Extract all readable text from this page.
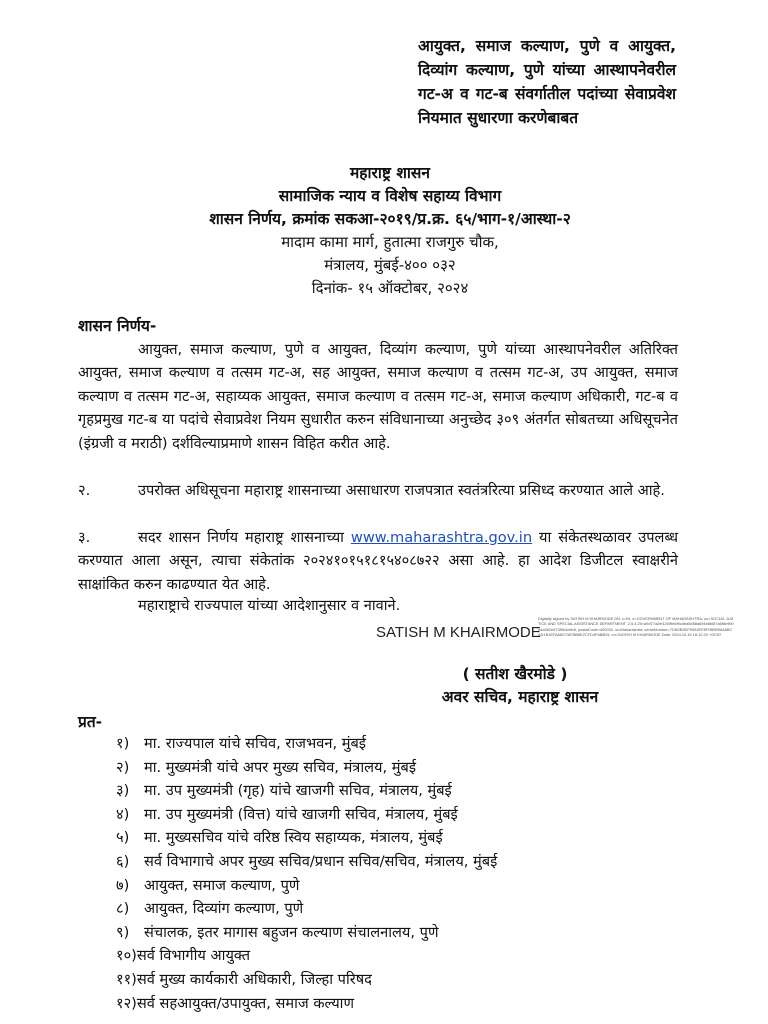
आयुक्त, समाज कल्याण, पुणे व आयुक्त, दिव्यांग कल्याण, पुणे यांच्या आस्थापनेवरील गट-अ व गट-ब संवर्गातील पदांच्या सेवाप्रवेश नियमात सुधारणा करणेबाबत
महाराष्ट्र शासन
सामाजिक न्याय व विशेष सहाय्य विभाग
शासन निर्णय, क्रमांक सकआ-२०१९/प्र.क्र. ६५/भाग-१/आस्था-२
मादाम कामा मार्ग, हुतात्मा राजगुरु चौक,
मंत्रालय, मुंबई-४०० ०३२
दिनांक- १५ ऑक्टोबर, २०२४
शासन निर्णय-
आयुक्त, समाज कल्याण, पुणे व आयुक्त, दिव्यांग कल्याण, पुणे यांच्या आस्थापनेवरील अतिरिक्त आयुक्त, समाज कल्याण व तत्सम गट-अ, सह आयुक्त, समाज कल्याण व तत्सम गट-अ, उप आयुक्त, समाज कल्याण व तत्सम गट-अ, सहाय्यक आयुक्त, समाज कल्याण व तत्सम गट-अ, समाज कल्याण अधिकारी, गट-ब व गृहप्रमुख गट-ब या पदांचे सेवाप्रवेश नियम सुधारीत करुन संविधानाच्या अनुच्छेद ३०९ अंतर्गत सोबतच्या अधिसूचनेत (इंग्रजी व मराठी) दर्शविल्याप्रमाणे शासन विहित करीत आहे.
२.	उपरोक्त अधिसूचना महाराष्ट्र शासनाच्या असाधारण राजपत्रात स्वतंत्ररित्या प्रसिध्द करण्यात आले आहे.
३.	सदर शासन निर्णय महाराष्ट्र शासनाच्या www.maharashtra.gov.in या संकेतस्थळावर उपलब्ध करण्यात आला असून, त्याचा संकेतांक २०२४१०१५१८१५४०८७२२ असा आहे. हा आदेश डिजीटल स्वाक्षरीने साक्षांकित करुन काढण्यात येत आहे.
महाराष्ट्राचे राज्यपाल यांच्या आदेशानुसार व नावाने.
SATISH M KHAIRMODE
Digitally signed by SATISH M KHAIRMODE DN: c=IN, o=GOVERNMENT OF MAHARASHTRA, ou=SOCIAL JUSTICE AND SPECIAL ASSISTANCE DEPARTMENT, 2.5.4.20=a9d77a2ef1209fe6f9cdba5d58a694e8b8f7a6f6e9b05da982e0735fe4e6e6, postalCode=400032, st=Maharashtra, serialNumber=7D6DB3DF93A5FE5F0B9B96A6BCAD1B1EFA6627087BB6E2CFD4F6B8D5, cn=SATISH M KHAIRMODE Date: 2024.10.15 18:12:29 +05'30'
( सतीश खैरमोडे )
अवर सचिव, महाराष्ट्र शासन
प्रत-
१) मा. राज्यपाल यांचे सचिव, राजभवन, मुंबई
२) मा. मुख्यमंत्री यांचे अपर मुख्य सचिव, मंत्रालय, मुंबई
३) मा. उप मुख्यमंत्री (गृह) यांचे खाजगी सचिव, मंत्रालय, मुंबई
४) मा. उप मुख्यमंत्री (वित्त) यांचे खाजगी सचिव, मंत्रालय, मुंबई
५) मा. मुख्यसचिव यांचे वरिष्ठ स्विय सहाय्यक, मंत्रालय, मुंबई
६) सर्व विभागाचे अपर मुख्य सचिव/प्रधान सचिव/सचिव, मंत्रालय, मुंबई
७) आयुक्त, समाज कल्याण, पुणे
८) आयुक्त, दिव्यांग कल्याण, पुणे
९) संचालक, इतर मागास बहुजन कल्याण संचालनालय, पुणे
१०)सर्व विभागीय आयुक्त
११)सर्व मुख्य कार्यकारी अधिकारी, जिल्हा परिषद
१२)सर्व सहआयुक्त/उपायुक्त, समाज कल्याण
